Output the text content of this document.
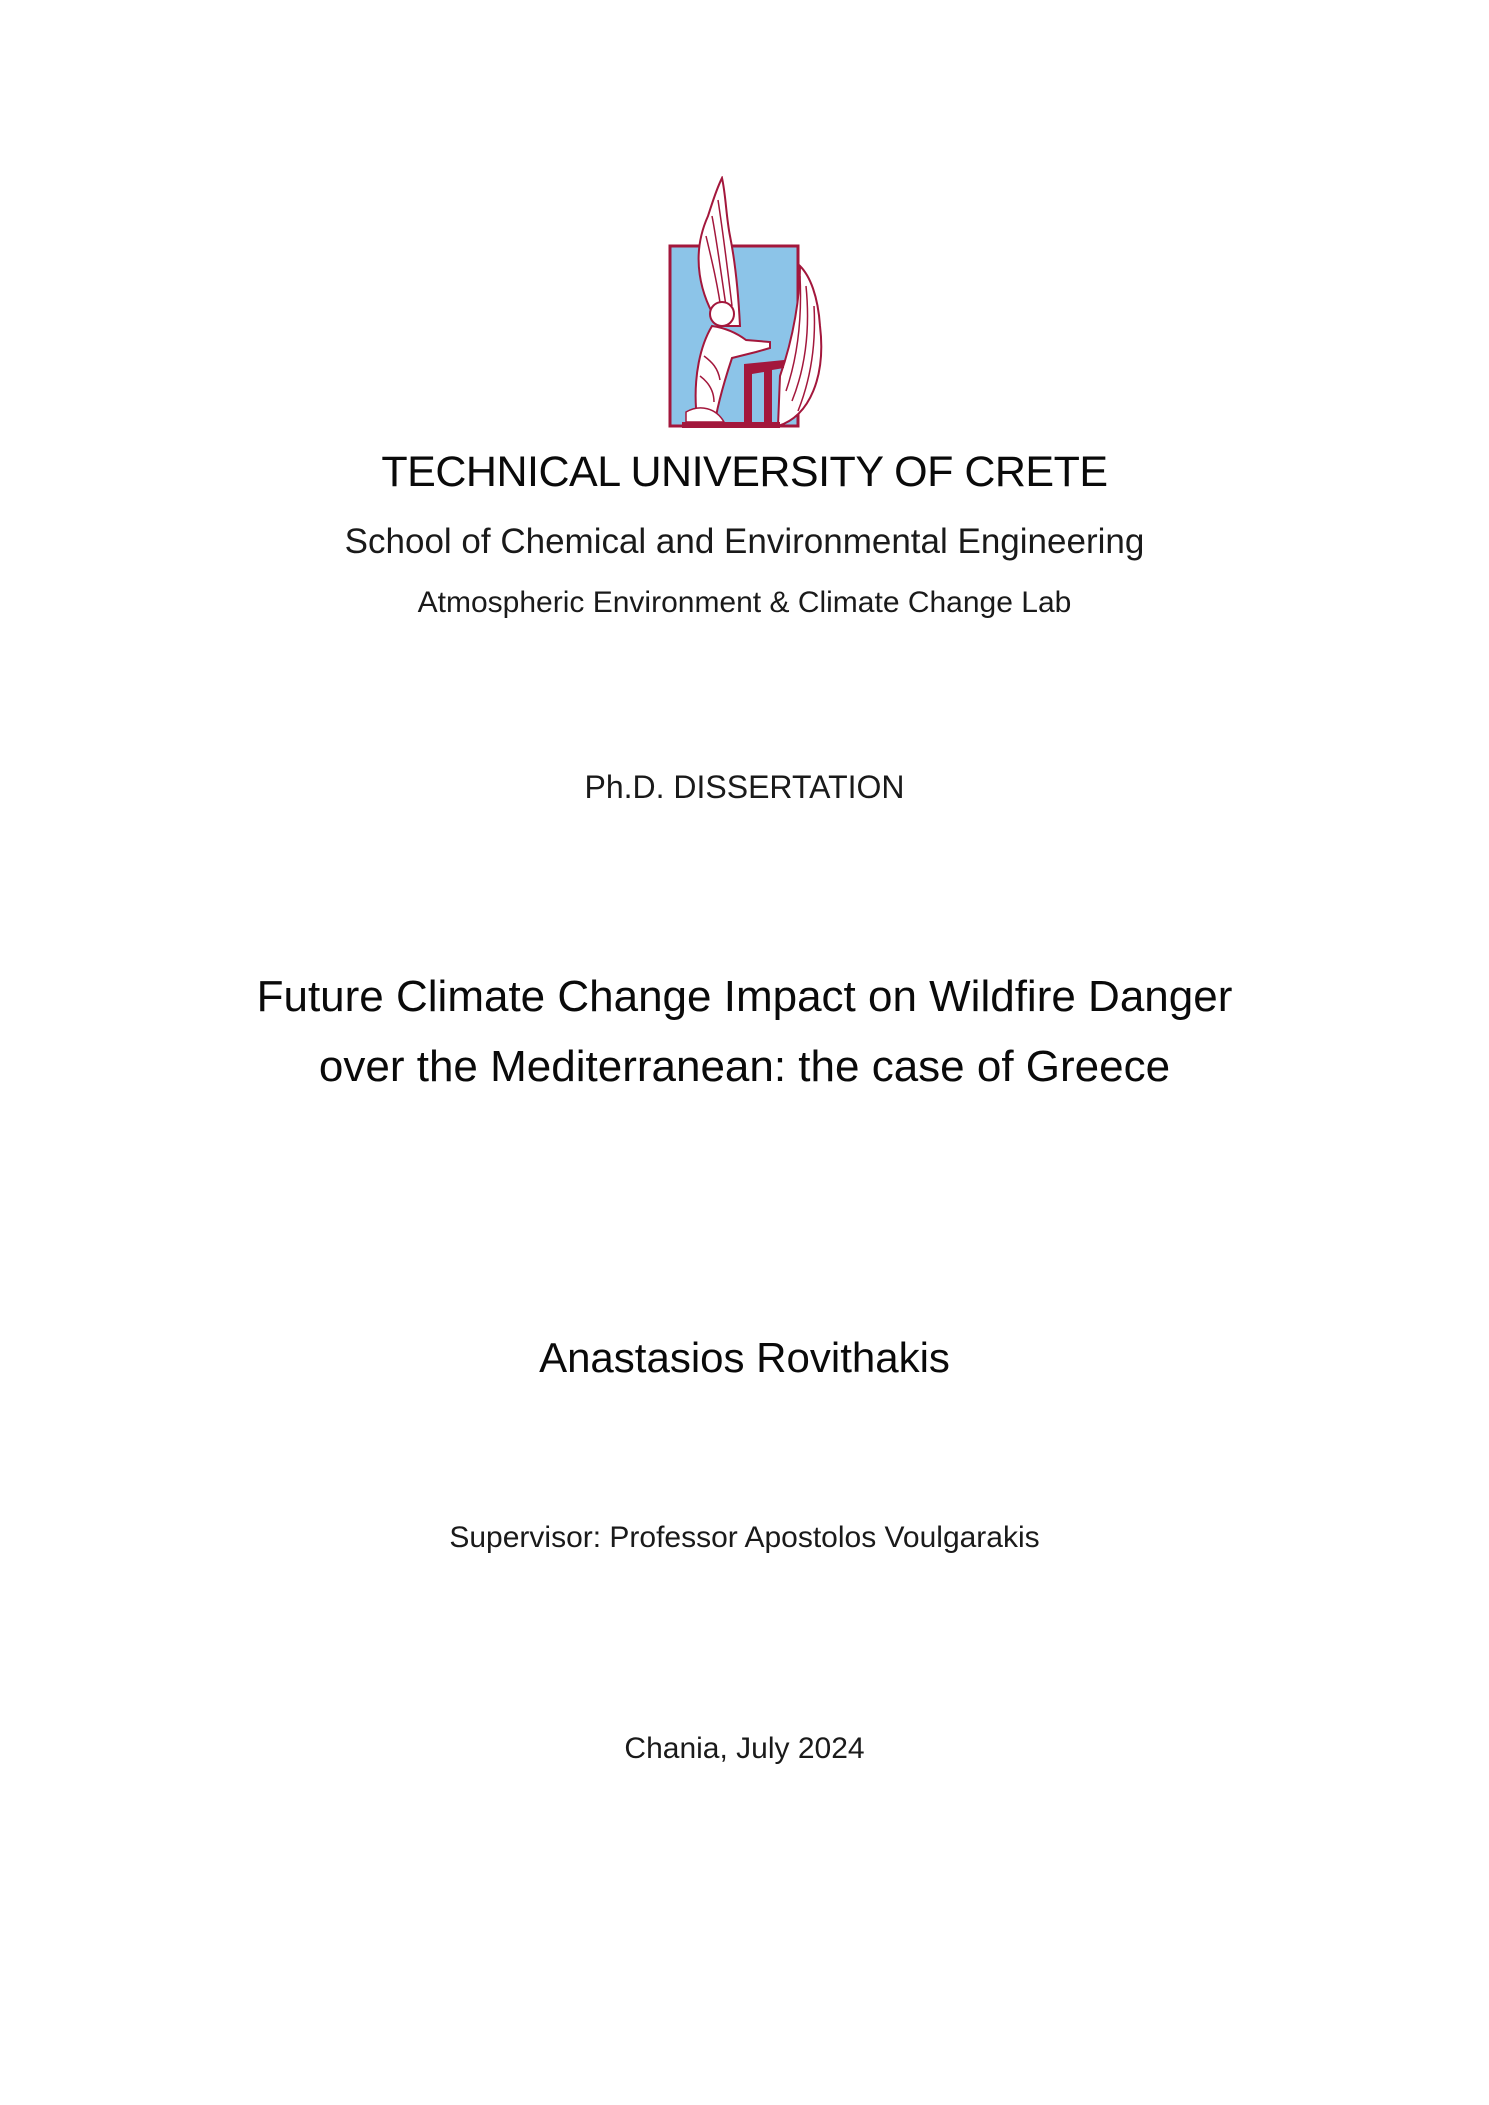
TECHNICAL UNIVERSITY OF CRETE
School of Chemical and Environmental Engineering
Atmospheric Environment & Climate Change Lab
Ph.D. DISSERTATION
Future Climate Change Impact on Wildfire Danger
over the Mediterranean: the case of Greece
Anastasios Rovithakis
Supervisor: Professor Apostolos Voulgarakis
Chania, July 2024
